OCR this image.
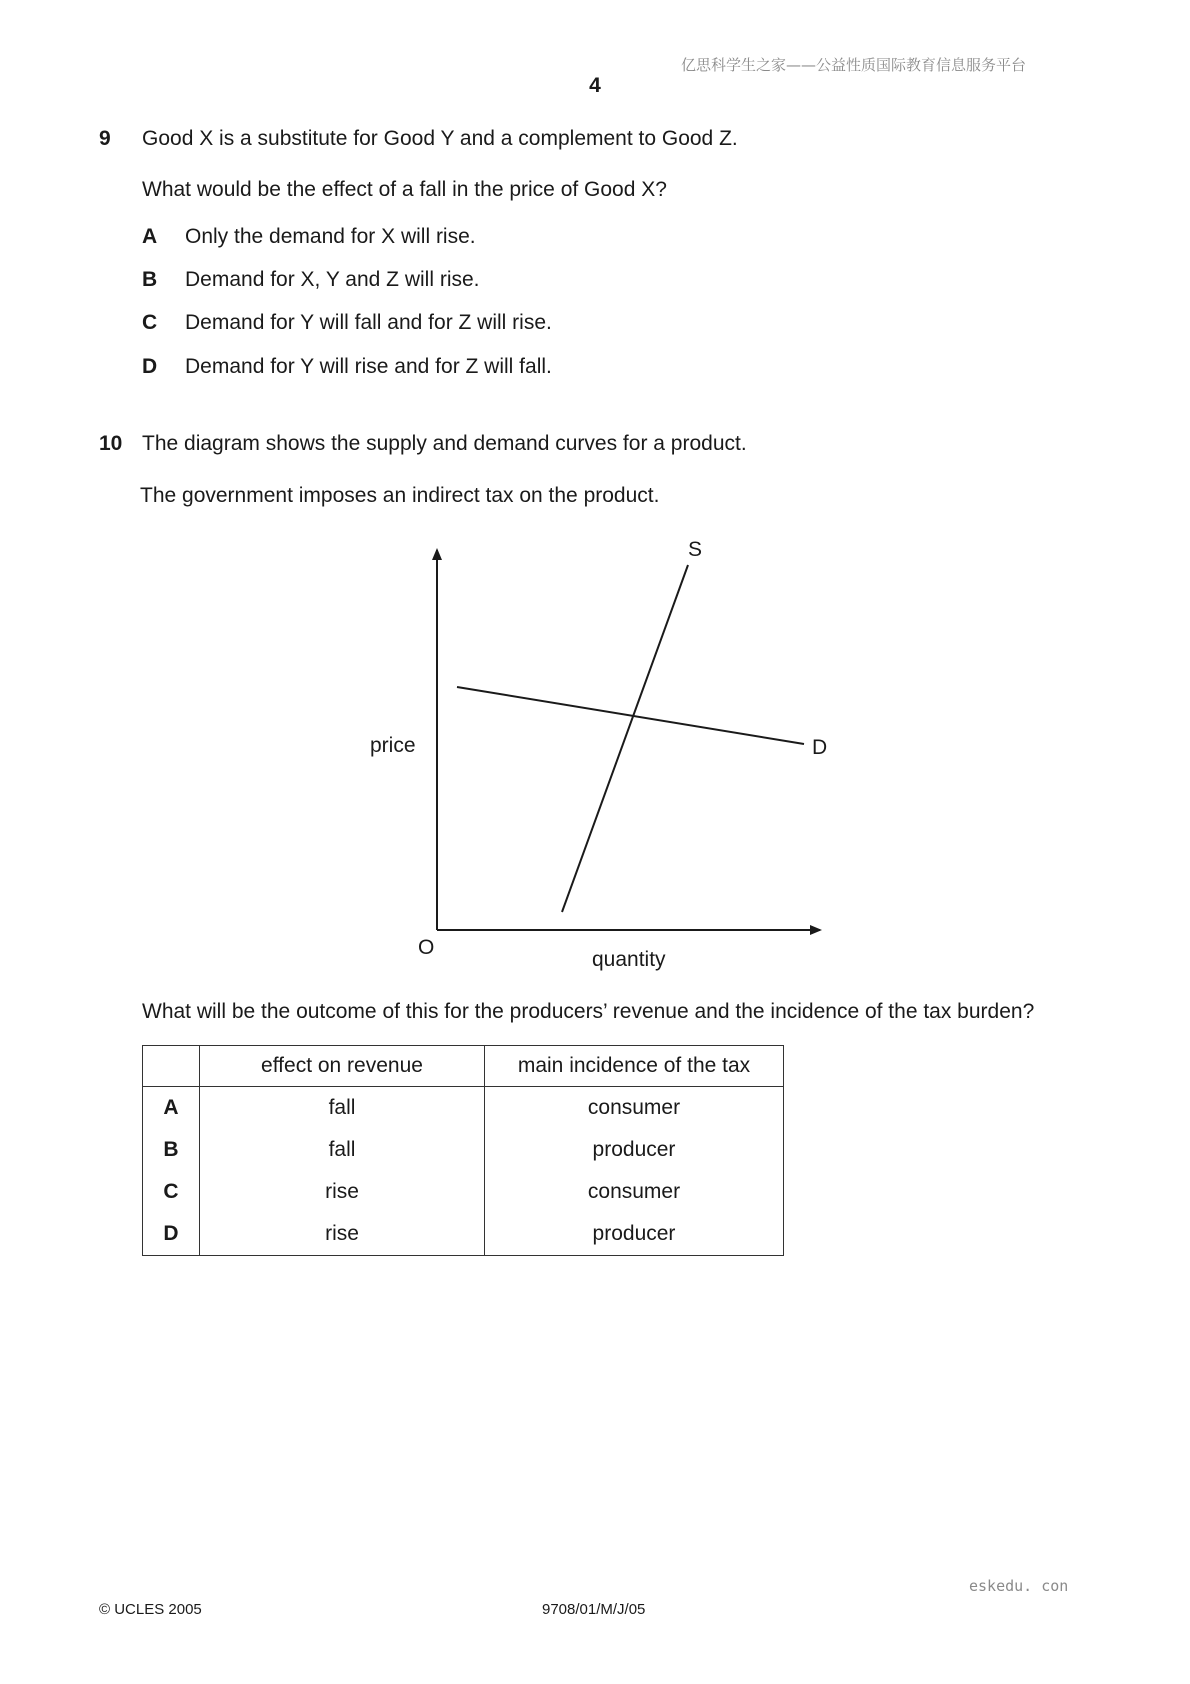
亿思科学生之家——公益性质国际教育信息服务平台
4
9 Good X is a substitute for Good Y and a complement to Good Z.
What would be the effect of a fall in the price of Good X?
A Only the demand for X will rise.
B Demand for X, Y and Z will rise.
C Demand for Y will fall and for Z will rise.
D Demand for Y will rise and for Z will fall.
10 The diagram shows the supply and demand curves for a product.
The government imposes an indirect tax on the product.
S
D
price
quantity
O
What will be the outcome of this for the producers’ revenue and the incidence of the tax burden?
	effect on revenue	main incidence of the tax
A	fall	consumer
B	fall	producer
C	rise	consumer
D	rise	producer
eskedu. con
© UCLES 2005	9708/01/M/J/05
